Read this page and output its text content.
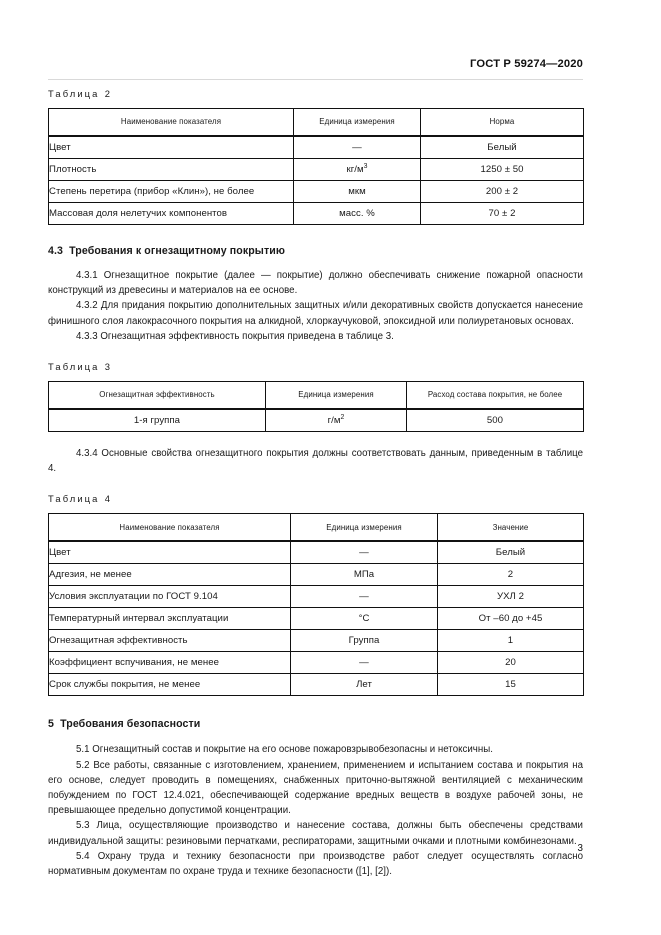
ГОСТ Р 59274—2020
Таблица 2
Наименование показателя	Единица измерения	Норма
Цвет	—	Белый
Плотность	$кг/м^3$	1250 ± 50
Степень перетира (прибор «Клин»), не более	мкм	200 ± 2
Массовая доля нелетучих компонентов	масс. %	70 ± 2
4.3 Требования к огнезащитному покрытию

4.3.1 Огнезащитное покрытие (далее — покрытие) должно обеспечивать снижение пожарной опасности конструкций из древесины и материалов на ее основе.

4.3.2 Для придания покрытию дополнительных защитных и/или декоративных свойств допускается нанесение финишного слоя лакокрасочного покрытия на алкидной, хлоркаучуковой, эпоксидной или полиуретановых основах.

4.3.3 Огнезащитная эффективность покрытия приведена в таблице 3.

Таблица 3
Огнезащитная эффективность	Единица измерения	Расход состава покрытия, не более
1-я группа	$г/м^2$	500

4.3.4 Основные свойства огнезащитного покрытия должны соответствовать данным, приведенным в таблице 4.

Таблица 4
Наименование показателя	Единица измерения	Значение
Цвет	—	Белый
Адгезия, не менее	МПа	2
Условия эксплуатации по ГОСТ 9.104	—	УХЛ 2
Температурный интервал эксплуатации	°С	От –60 до +45
Огнезащитная эффективность	Группа	1
Коэффициент вспучивания, не менее	—	20
Срок службы покрытия, не менее	Лет	15
5 Требования безопасности

5.1 Огнезащитный состав и покрытие на его основе пожаровзрывобезопасны и нетоксичны.

5.2 Все работы, связанные с изготовлением, хранением, применением и испытанием состава и покрытия на его основе, следует проводить в помещениях, снабженных приточно-вытяжной вентиляцией с механическим побуждением по ГОСТ 12.4.021, обеспечивающей содержание вредных веществ в воздухе рабочей зоны, не превышающее предельно допустимой концентрации.

5.3 Лица, осуществляющие производство и нанесение состава, должны быть обеспечены средствами индивидуальной защиты: резиновыми перчатками, респираторами, защитными очками и плотными комбинезонами.

5.4 Охрану труда и технику безопасности при производстве работ следует осуществлять согласно нормативным документам по охране труда и технике безопасности ([1], [2]).

3
